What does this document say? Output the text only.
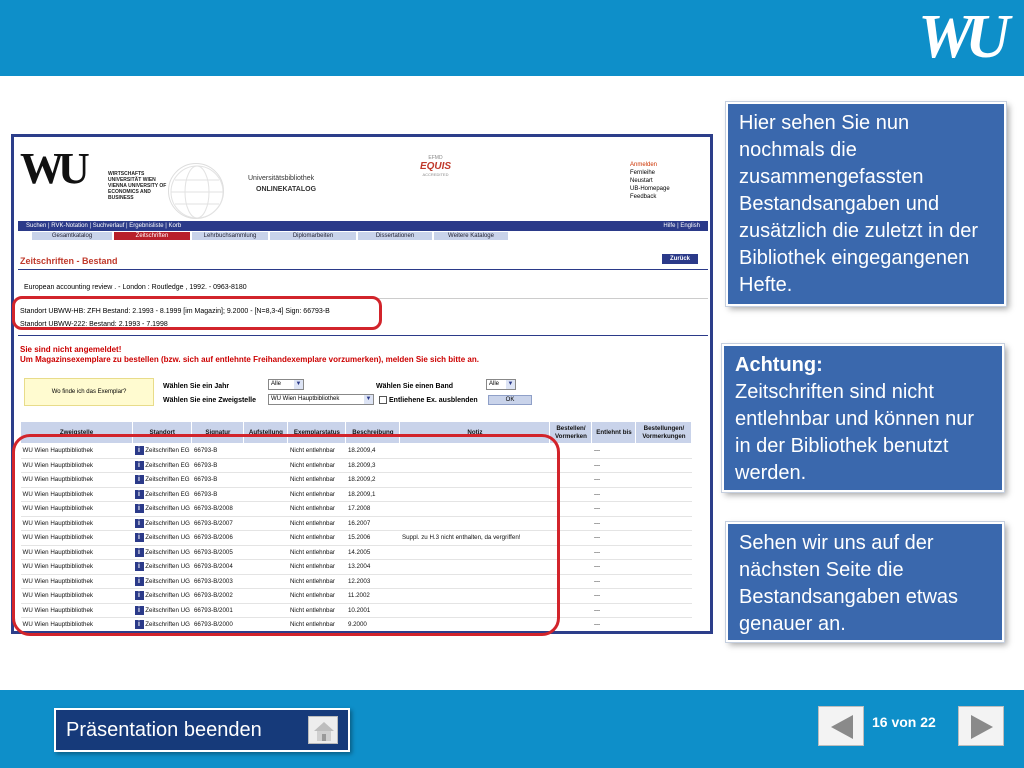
WU
WU	WIRTSCHAFTS UNIVERSITÄT WIEN VIENNA UNIVERSITY OF ECONOMICS AND BUSINESS
Universitätsbibliothek
ONLINEKATALOG
EFMD
EQUIS
ACCREDITED
Anmelden
Fernleihe
Neustart
UB-Homepage
Feedback
Suchen | RVK-Notation | Suchverlauf | Ergebnisliste | Korb	Hilfe | English
Gesamtkatalog	Zeitschriften	Lehrbuchsammlung	Diplomarbeiten	Dissertationen	Weitere Kataloge
Zeitschriften - Bestand	Zurück
European accounting review . - London : Routledge , 1992. - 0963-8180
Standort UBWW-HB: ZFH Bestand: 2.1993 - 8.1999 [im Magazin]; 9.2000 - [N=8,3-4] Sign: 66793-B
Standort UBWW-222: Bestand: 2.1993 - 7.1998
Sie sind nicht angemeldet!
Um Magazinsexemplare zu bestellen (bzw. sich auf entlehnte Freihandexemplare vorzumerken), melden Sie sich bitte an.
Wo finde ich das Exemplar?
Wählen Sie ein Jahr	Alle ▼	Wählen Sie einen Band	Alle ▼
Wählen Sie eine Zweigstelle	WU Wien Hauptbibliothek	▼	Entliehene Ex. ausblenden	OK
Zweigstelle	Standort	Signatur	Aufstellung	Exemplarstatus	Beschreibung	Notiz	Bestellen/ Vormerken	Entlehnt bis	Bestellungen/ Vormerkungen
WU Wien Hauptbibliothek	i Zeitschriften EG	66793-B		Nicht entlehnbar	18.2009,4			---	
WU Wien Hauptbibliothek	i Zeitschriften EG	66793-B		Nicht entlehnbar	18.2009,3			---	
WU Wien Hauptbibliothek	i Zeitschriften EG	66793-B		Nicht entlehnbar	18.2009,2			---	
WU Wien Hauptbibliothek	i Zeitschriften EG	66793-B		Nicht entlehnbar	18.2009,1			---	
WU Wien Hauptbibliothek	i Zeitschriften UG	66793-B/2008		Nicht entlehnbar	17.2008			---	
WU Wien Hauptbibliothek	i Zeitschriften UG	66793-B/2007		Nicht entlehnbar	16.2007			---	
WU Wien Hauptbibliothek	i Zeitschriften UG	66793-B/2006		Nicht entlehnbar	15.2006	Suppl. zu H.3 nicht enthalten, da vergriffen!		---	
WU Wien Hauptbibliothek	i Zeitschriften UG	66793-B/2005		Nicht entlehnbar	14.2005			---	
WU Wien Hauptbibliothek	i Zeitschriften UG	66793-B/2004		Nicht entlehnbar	13.2004			---	
WU Wien Hauptbibliothek	i Zeitschriften UG	66793-B/2003		Nicht entlehnbar	12.2003			---	
WU Wien Hauptbibliothek	i Zeitschriften UG	66793-B/2002		Nicht entlehnbar	11.2002			---	
WU Wien Hauptbibliothek	i Zeitschriften UG	66793-B/2001		Nicht entlehnbar	10.2001			---	
WU Wien Hauptbibliothek	i Zeitschriften UG	66793-B/2000		Nicht entlehnbar	9.2000			---	
Hier sehen Sie nun nochmals die zusammengefassten Bestandsangaben und zusätzlich die zuletzt in der Bibliothek eingegangenen Hefte.
Achtung:
Zeitschriften sind nicht entlehnbar und können nur in der Bibliothek benutzt werden.
Sehen wir uns auf der nächsten Seite die Bestandsangaben etwas genauer an.
Präsentation beenden	16 von 22
